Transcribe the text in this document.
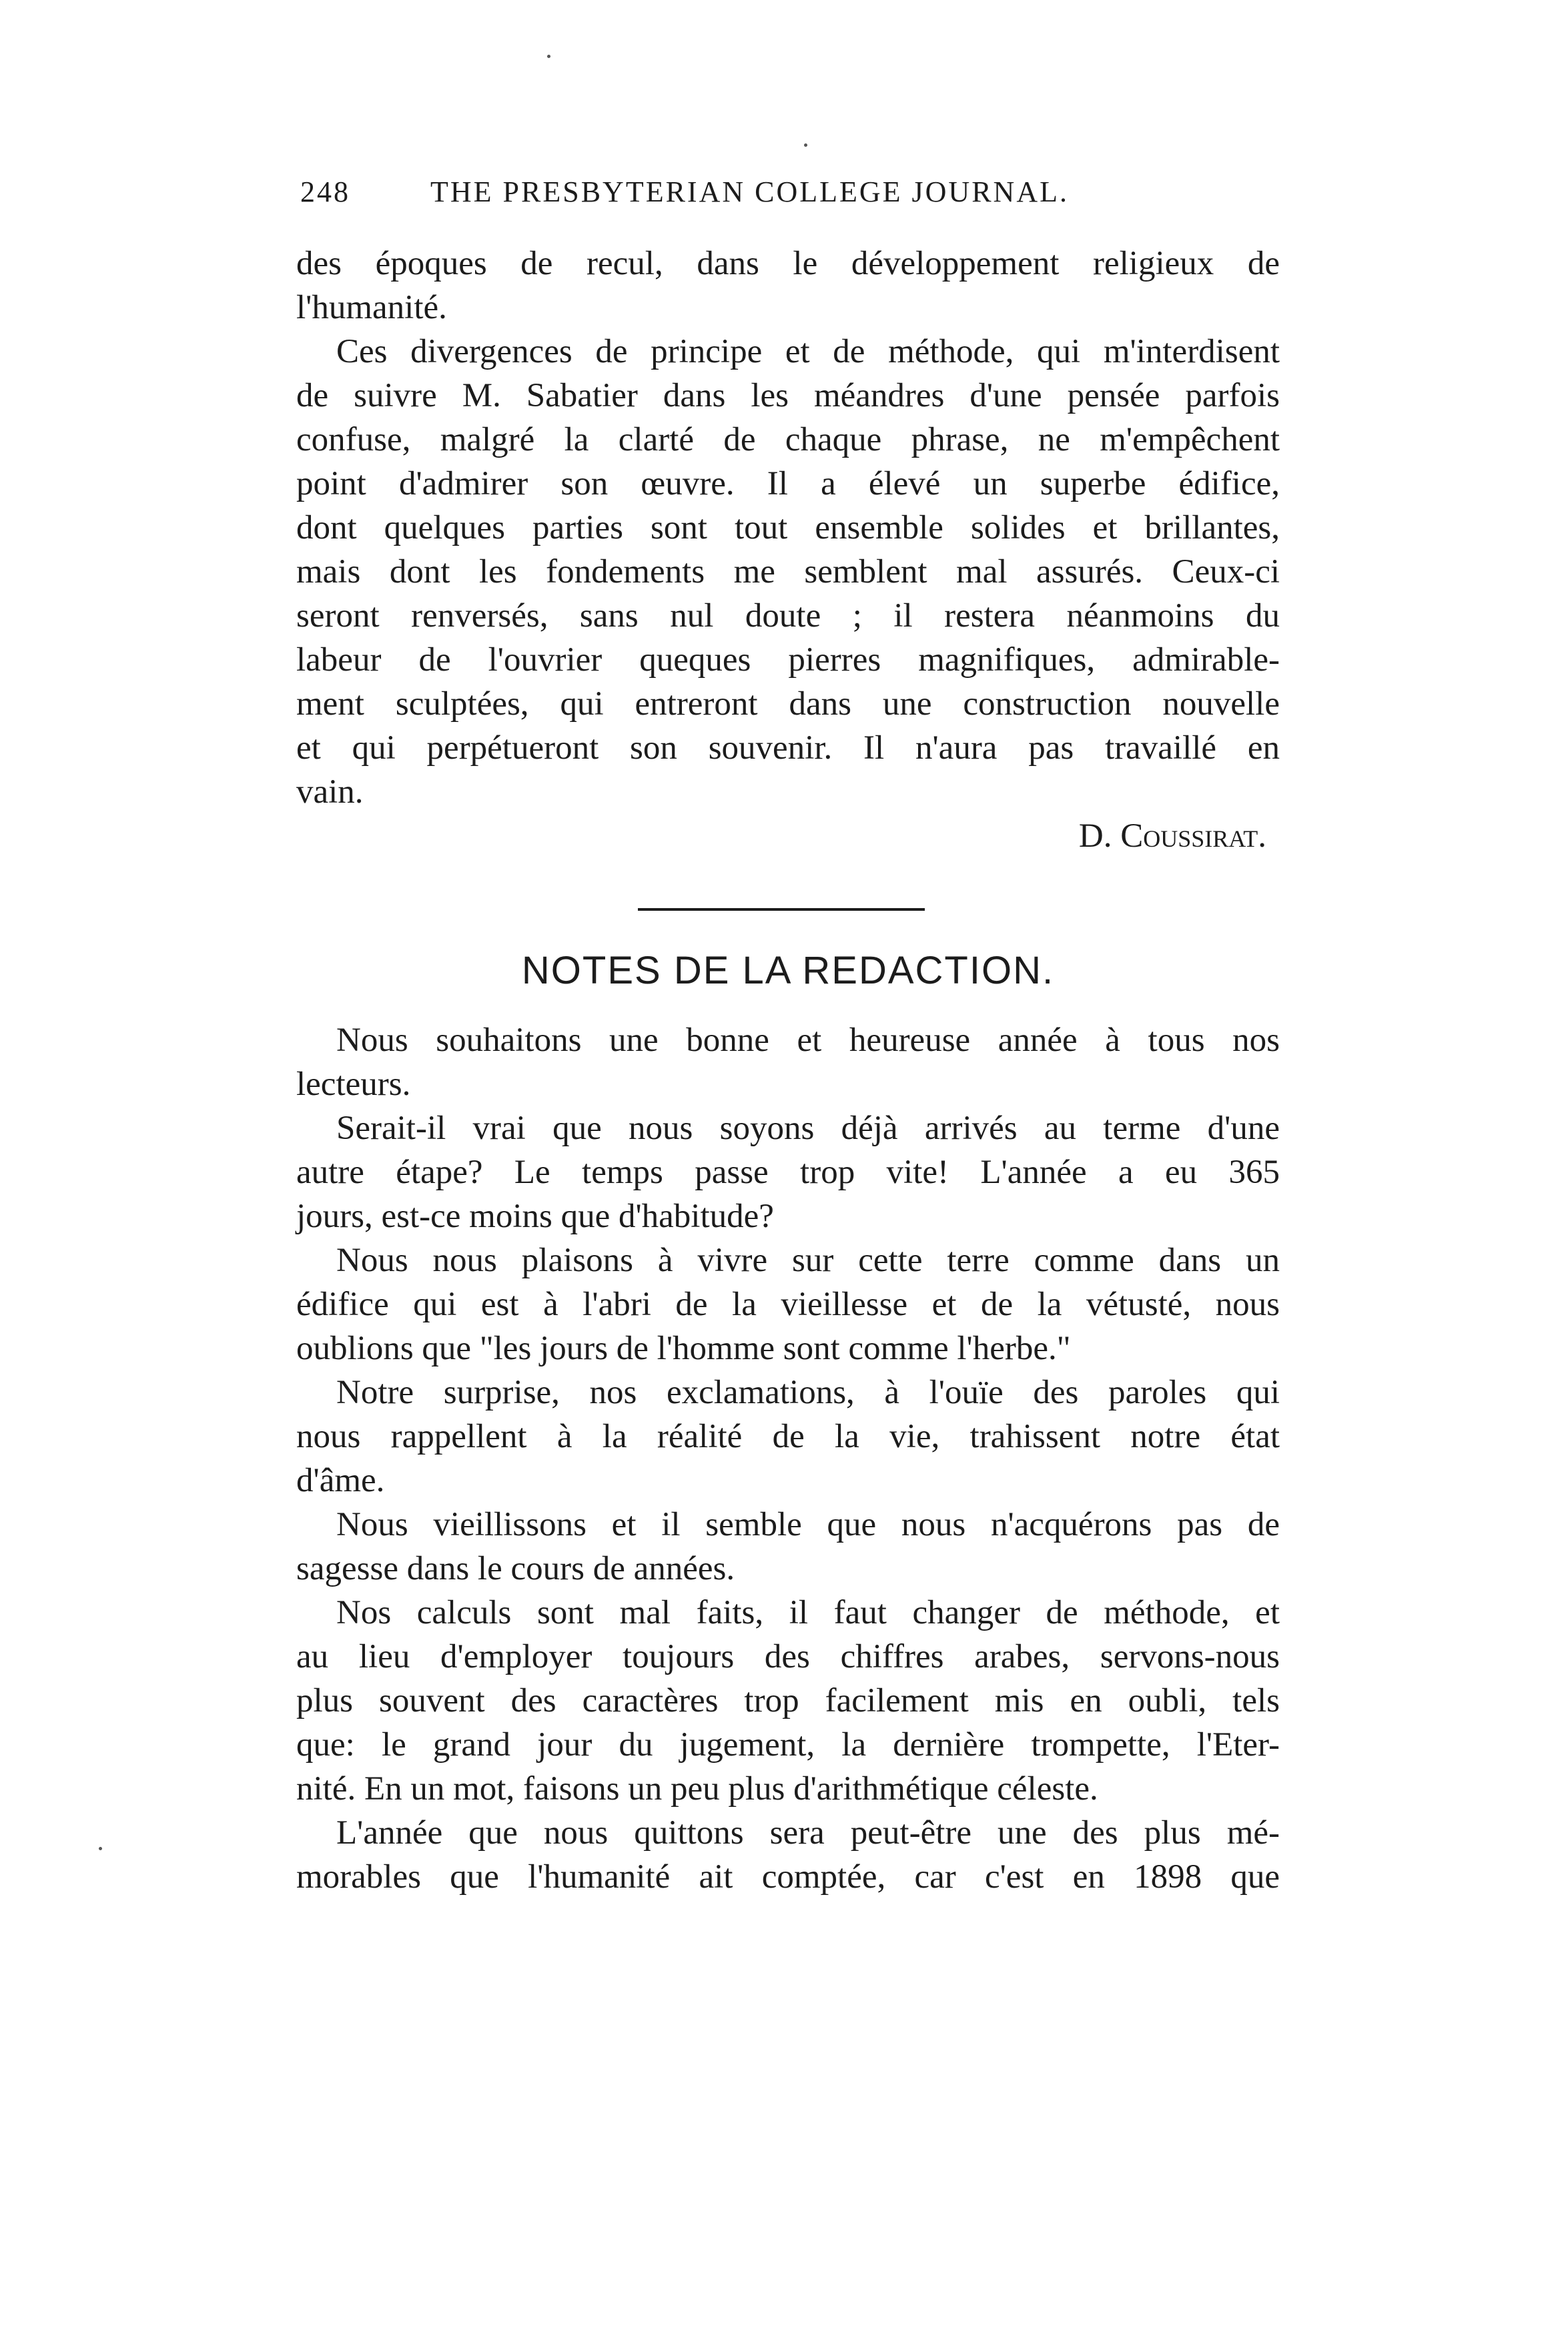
248	THE PRESBYTERIAN COLLEGE JOURNAL.
des époques de recul, dans le développement religieux de
l'humanité.
Ces divergences de principe et de méthode, qui m'interdisent
de suivre M. Sabatier dans les méandres d'une pensée parfois
confuse, malgré la clarté de chaque phrase, ne m'empêchent
point d'admirer son œuvre. Il a élevé un superbe édifice,
dont quelques parties sont tout ensemble solides et brillantes,
mais dont les fondements me semblent mal assurés. Ceux-ci
seront renversés, sans nul doute ; il restera néanmoins du
labeur de l'ouvrier queques pierres magnifiques, admirable-
ment sculptées, qui entreront dans une construction nouvelle
et qui perpétueront son souvenir. Il n'aura pas travaillé en
vain.
D. Coussirat.
NOTES DE LA REDACTION.
Nous souhaitons une bonne et heureuse année à tous nos
lecteurs.
Serait-il vrai que nous soyons déjà arrivés au terme d'une
autre étape? Le temps passe trop vite! L'année a eu 365
jours, est-ce moins que d'habitude?
Nous nous plaisons à vivre sur cette terre comme dans un
édifice qui est à l'abri de la vieillesse et de la vétusté, nous
oublions que "les jours de l'homme sont comme l'herbe."
Notre surprise, nos exclamations, à l'ouïe des paroles qui
nous rappellent à la réalité de la vie, trahissent notre état
d'âme.
Nous vieillissons et il semble que nous n'acquérons pas de
sagesse dans le cours de années.
Nos calculs sont mal faits, il faut changer de méthode, et
au lieu d'employer toujours des chiffres arabes, servons-nous
plus souvent des caractères trop facilement mis en oubli, tels
que: le grand jour du jugement, la dernière trompette, l'Eter-
nité. En un mot, faisons un peu plus d'arithmétique céleste.
L'année que nous quittons sera peut-être une des plus mé-
morables que l'humanité ait comptée, car c'est en 1898 que
